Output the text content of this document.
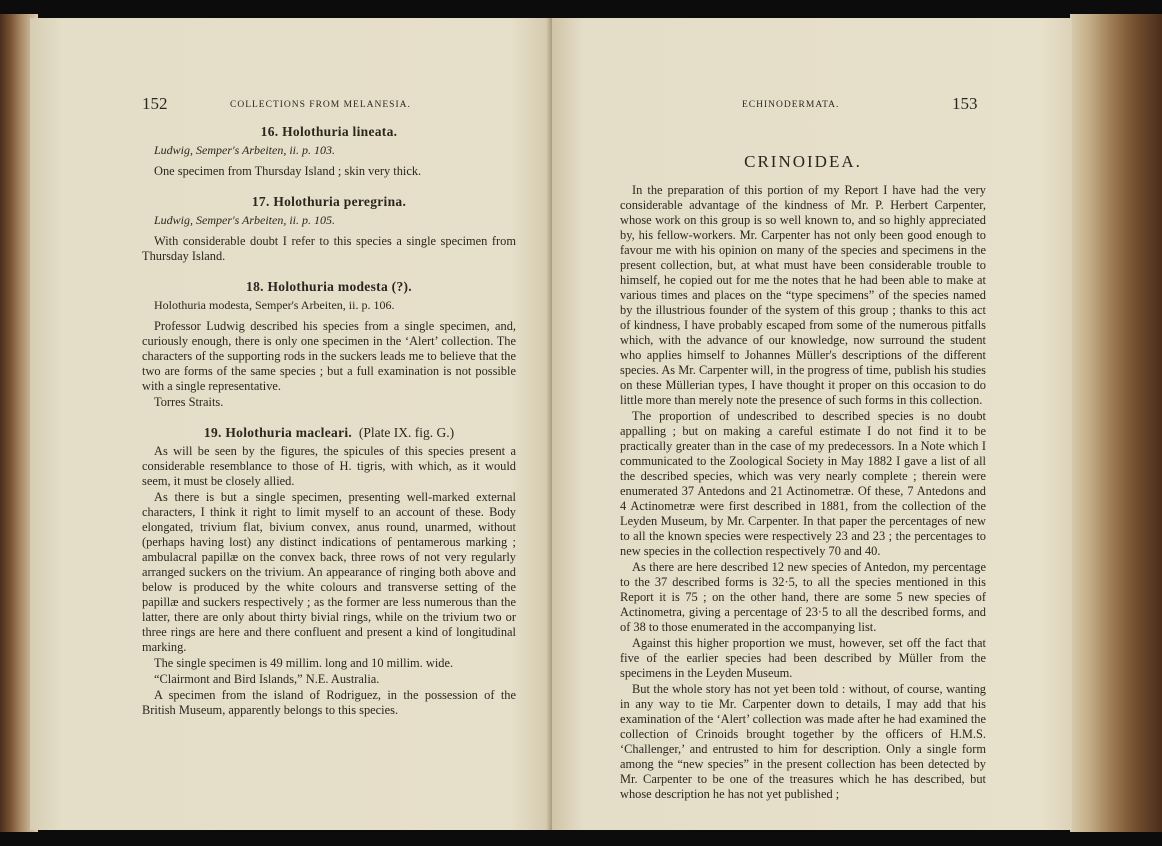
152	COLLECTIONS FROM MELANESIA.
16. Holothuria lineata.
Ludwig, Semper's Arbeiten, ii. p. 103.

One specimen from Thursday Island ; skin very thick.

17. Holothuria peregrina.
Ludwig, Semper's Arbeiten, ii. p. 105.

With considerable doubt I refer to this species a single specimen from Thursday Island.

18. Holothuria modesta (?).
Holothuria modesta, Semper's Arbeiten, ii. p. 106.

Professor Ludwig described his species from a single specimen, and, curiously enough, there is only one specimen in the ‘Alert’ collection. The characters of the supporting rods in the suckers leads me to believe that the two are forms of the same species ; but a full examination is not possible with a single representative.

Torres Straits.

19. Holothuria macleari. (Plate IX. fig. G.)

As will be seen by the figures, the spicules of this species present a considerable resemblance to those of H. tigris, with which, as it would seem, it must be closely allied.

As there is but a single specimen, presenting well-marked external characters, I think it right to limit myself to an account of these. Body elongated, trivium flat, bivium convex, anus round, unarmed, without (perhaps having lost) any distinct indications of pentamerous marking ; ambulacral papillæ on the convex back, three rows of not very regularly arranged suckers on the trivium. An appearance of ringing both above and below is produced by the white colours and transverse setting of the papillæ and suckers respectively ; as the former are less numerous than the latter, there are only about thirty bivial rings, while on the trivium two or three rings are here and there confluent and present a kind of longitudinal marking.

The single specimen is 49 millim. long and 10 millim. wide.

“Clairmont and Bird Islands,” N.E. Australia.

A specimen from the island of Rodriguez, in the possession of the British Museum, apparently belongs to this species.

ECHINODERMATA.	153
CRINOIDEA.

In the preparation of this portion of my Report I have had the very considerable advantage of the kindness of Mr. P. Herbert Carpenter, whose work on this group is so well known to, and so highly appreciated by, his fellow-workers. Mr. Carpenter has not only been good enough to favour me with his opinion on many of the species and specimens in the present collection, but, at what must have been considerable trouble to himself, he copied out for me the notes that he had been able to make at various times and places on the “type specimens” of the species named by the illustrious founder of the system of this group ; thanks to this act of kindness, I have probably escaped from some of the numerous pitfalls which, with the advance of our knowledge, now surround the student who applies himself to Johannes Müller's descriptions of the different species. As Mr. Carpenter will, in the progress of time, publish his studies on these Müllerian types, I have thought it proper on this occasion to do little more than merely note the presence of such forms in this collection.

The proportion of undescribed to described species is no doubt appalling ; but on making a careful estimate I do not find it to be practically greater than in the case of my predecessors. In a Note which I communicated to the Zoological Society in May 1882 I gave a list of all the described species, which was very nearly complete ; therein were enumerated 37 Antedons and 21 Actinometræ. Of these, 7 Antedons and 4 Actinometræ were first described in 1881, from the collection of the Leyden Museum, by Mr. Carpenter. In that paper the percentages of new to all the known species were respectively 23 and 23 ; the percentages to new species in the collection respectively 70 and 40.

As there are here described 12 new species of Antedon, my percentage to the 37 described forms is 32·5, to all the species mentioned in this Report it is 75 ; on the other hand, there are some 5 new species of Actinometra, giving a percentage of 23·5 to all the described forms, and of 38 to those enumerated in the accompanying list.

Against this higher proportion we must, however, set off the fact that five of the earlier species had been described by Müller from the specimens in the Leyden Museum.

But the whole story has not yet been told : without, of course, wanting in any way to tie Mr. Carpenter down to details, I may add that his examination of the ‘Alert’ collection was made after he had examined the collection of Crinoids brought together by the officers of H.M.S. ‘Challenger,’ and entrusted to him for description. Only a single form among the “new species” in the present collection has been detected by Mr. Carpenter to be one of the treasures which he has described, but whose description he has not yet published ;
